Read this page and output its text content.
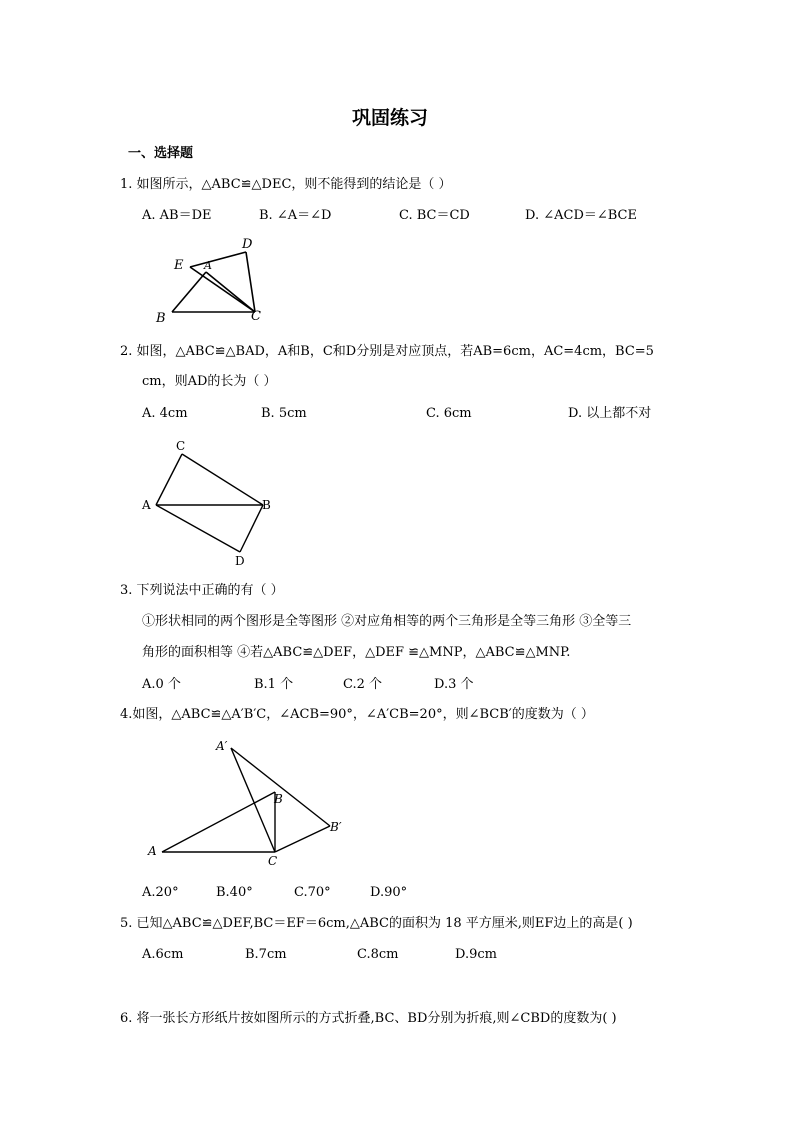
巩固练习
一、选择题
1. 如图所示，△ABC≌△DEC，则不能得到的结论是（ ）
A. AB＝DE	B. ∠A＝∠D	C. BC＝CD	D. ∠ACD＝∠BCE
E A
D
B	C
2. 如图，△ABC≌△BAD，A和B，C和D分别是对应顶点，若AB=6cm，AC=4cm，BC=5
cm，则AD的长为（ ）
A. 4cm	B. 5cm	C. 6cm	D. 以上都不对
C
A	B
D
3. 下列说法中正确的有（ ）
①形状相同的两个图形是全等图形 ②对应角相等的两个三角形是全等三角形 ③全等三
角形的面积相等 ④若△ABC≌△DEF，△DEF ≌△MNP，△ABC≌△MNP.
A.0 个	B.1 个	C.2 个	D.3 个
4.如图，△ABC≌△A′B′C，∠ACB=90°，∠A′CB=20°，则∠BCB′的度数为（ ）
A′
B
B′
A
C
A.20°	B.40°	C.70°	D.90°
5. 已知△ABC≌△DEF,BC＝EF＝6cm,△ABC的面积为 18 平方厘米,则EF边上的高是( )
A.6cm	B.7cm	C.8cm	D.9cm
6. 将一张长方形纸片按如图所示的方式折叠,BC、BD分别为折痕,则∠CBD的度数为( )
